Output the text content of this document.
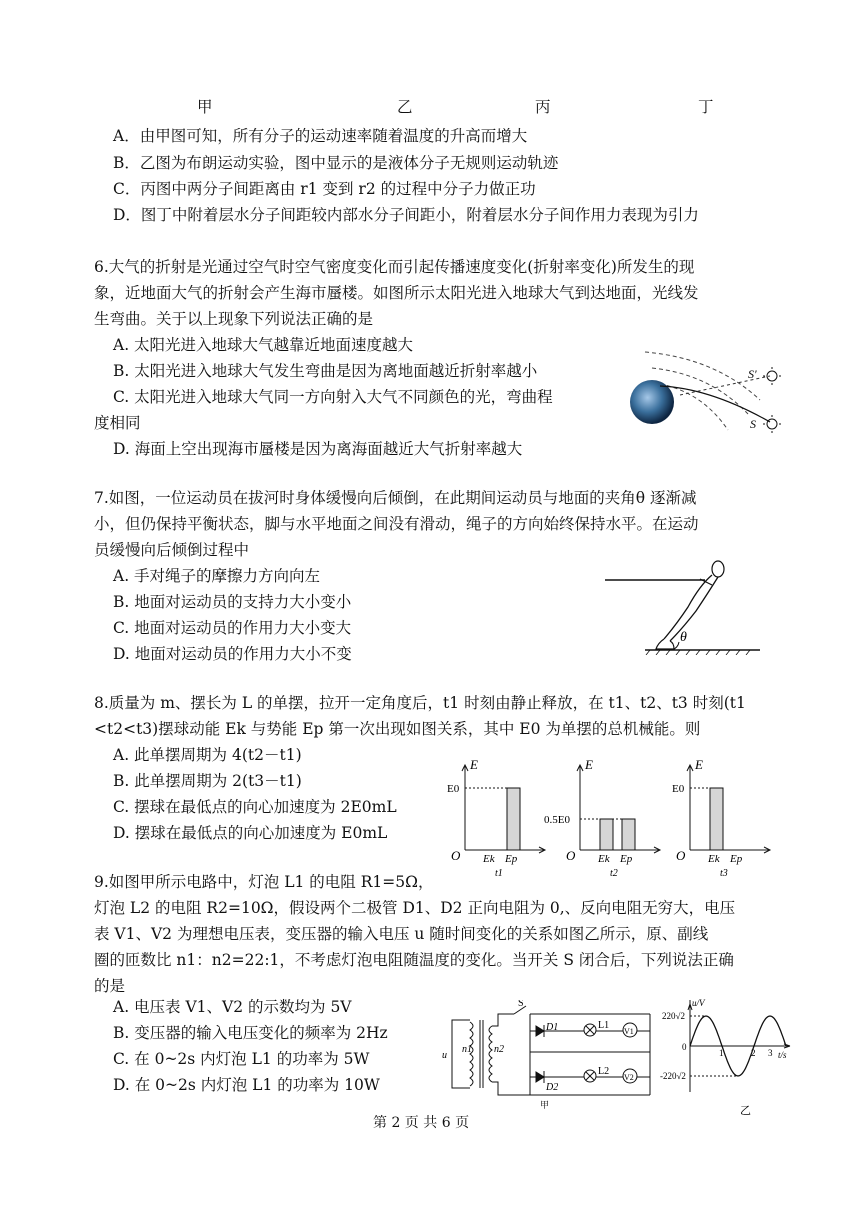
甲	乙	丙	丁
A．由甲图可知，所有分子的运动速率随着温度的升高而增大
B．乙图为布朗运动实验，图中显示的是液体分子无规则运动轨迹
C．丙图中两分子间距离由 r1 变到 r2 的过程中分子力做正功
D．图丁中附着层水分子间距较内部水分子间距小，附着层水分子间作用力表现为引力
6.大气的折射是光通过空气时空气密度变化而引起传播速度变化(折射率变化)所发生的现
象，近地面大气的折射会产生海市蜃楼。如图所示太阳光进入地球大气到达地面，光线发
生弯曲。关于以上现象下列说法正确的是
A. 太阳光进入地球大气越靠近地面速度越大
B. 太阳光进入地球大气发生弯曲是因为离地面越近折射率越小
C. 太阳光进入地球大气同一方向射入大气不同颜色的光，弯曲程
度相同
D. 海面上空出现海市蜃楼是因为离海面越近大气折射率越大
S'
S
7.如图，一位运动员在拔河时身体缓慢向后倾倒，在此期间运动员与地面的夹角θ 逐渐减
小，但仍保持平衡状态，脚与水平地面之间没有滑动，绳子的方向始终保持水平。在运动
员缓慢向后倾倒过程中
A. 手对绳子的摩擦力方向向左
B. 地面对运动员的支持力大小变小
C. 地面对运动员的作用力大小变大
D. 地面对运动员的作用力大小不变
θ
8.质量为 m、摆长为 L 的单摆，拉开一定角度后，t1 时刻由静止释放，在 t1、t2、t3 时刻(t1
<t2<t3)摆球动能 Ek 与势能 Ep 第一次出现如图关系，其中 E0 为单摆的总机械能。则
A. 此单摆周期为 4(t2－t1)
B. 此单摆周期为 2(t3－t1)
C. 摆球在最低点的向心加速度为 2E0mL
D. 摆球在最低点的向心加速度为 E0mL
E
O
E0
Ek Ep
t1
E
O
0.5E0
Ek Ep
t2
E
O
E0
Ek Ep
t3
9.如图甲所示电路中，灯泡 L1 的电阻 R1=5Ω，
灯泡 L2 的电阻 R2=10Ω，假设两个二极管 D1、D2 正向电阻为 0,、反向电阻无穷大，电压
表 V1、V2 为理想电压表，变压器的输入电压 u 随时间变化的关系如图乙所示，原、副线
圈的匝数比 n1：n2=22:1，不考虑灯泡电阻随温度的变化。当开关 S 闭合后，下列说法正确
的是
A. 电压表 V1、V2 的示数均为 5V
B. 变压器的输入电压变化的频率为 2Hz
C. 在 0~2s 内灯泡 L1 的功率为 5W
D. 在 0~2s 内灯泡 L1 的功率为 10W
u
n1 n2
S
D1
D2
L1
L2
V1
V2
甲
u/V
t/s
220√2
-220√2
0
1	2 3
乙
第 2 页 共 6 页
